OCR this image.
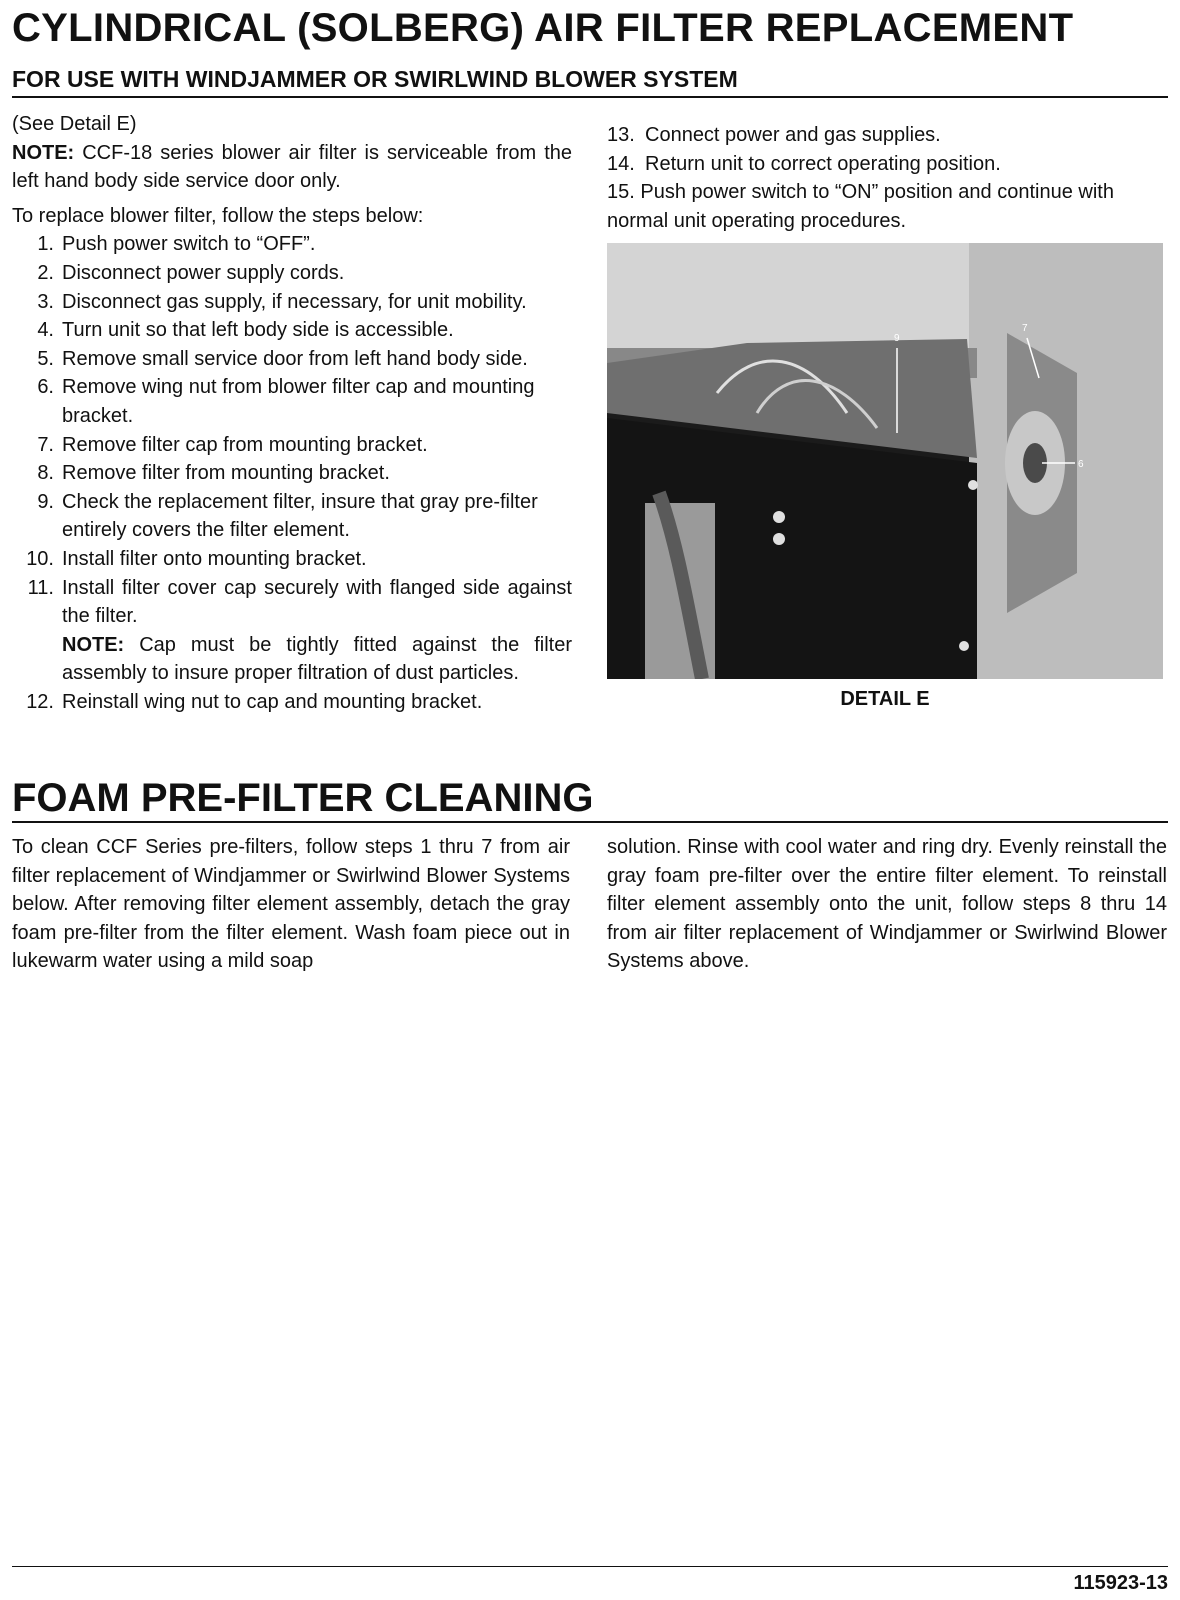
CYLINDRICAL (SOLBERG) AIR FILTER REPLACEMENT
FOR USE WITH WINDJAMMER OR SWIRLWIND BLOWER SYSTEM

(See Detail E)

NOTE: CCF-18 series blower air filter is serviceable from the left hand body side service door only.

To replace blower filter, follow the steps below:

1. Push power switch to “OFF”.
2. Disconnect power supply cords.
3. Disconnect gas supply, if necessary, for unit mobility.
4. Turn unit so that left body side is accessible.
5. Remove small service door from left hand body side.
6. Remove wing nut from blower filter cap and mounting bracket.
7. Remove filter cap from mounting bracket.
8. Remove filter from mounting bracket.
9. Check the replacement filter, insure that gray pre-filter entirely covers the filter element.
10. Install filter onto mounting bracket.
11. Install filter cover cap securely with flanged side against the filter.
NOTE: Cap must be tightly fitted against the filter assembly to insure proper filtration of dust particles.
12. Reinstall wing nut to cap and mounting bracket.
13. Connect power and gas supplies.
14. Return unit to correct operating position.

15. Push power switch to “ON” position and continue with normal unit operating procedures.

9
7
6
DETAIL E
FOAM PRE-FILTER CLEANING

To clean CCF Series pre-filters, follow steps 1 thru 7 from air filter replacement of Windjammer or Swirlwind Blower Systems below. After removing filter element assembly, detach the gray foam pre-filter from the filter element. Wash foam piece out in lukewarm water using a mild soap

solution. Rinse with cool water and ring dry. Evenly reinstall the gray foam pre-filter over the entire filter element. To reinstall filter element assembly onto the unit, follow steps 8 thru 14 from air filter replacement of Windjammer or Swirlwind Blower Systems above.

115923-13
